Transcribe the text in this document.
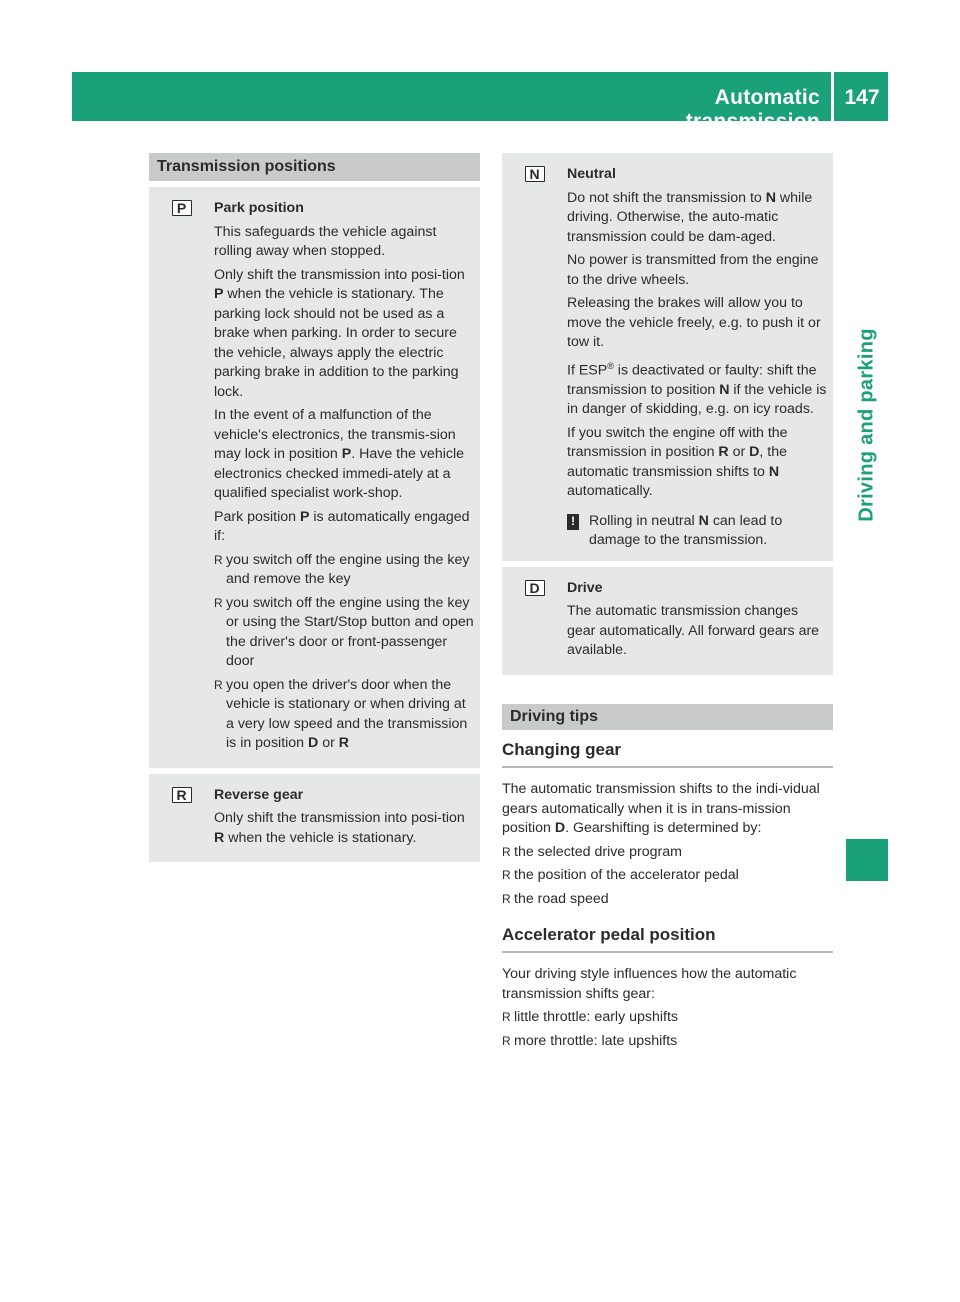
Automatic transmission
147
Driving and parking
Transmission positions
P	Park position
This safeguards the vehicle against rolling away when stopped.
Only shift the transmission into posi-tion P when the vehicle is stationary. The parking lock should not be used as a brake when parking. In order to secure the vehicle, always apply the electric parking brake in addition to the parking lock.
In the event of a malfunction of the vehicle's electronics, the transmis-sion may lock in position P. Have the vehicle electronics checked immedi-ately at a qualified specialist work-shop.
Park position P is automatically engaged if:
R you switch off the engine using the key and remove the key
R you switch off the engine using the key or using the Start/Stop button and open the driver's door or front-passenger door
R you open the driver's door when the vehicle is stationary or when driving at a very low speed and the transmission is in position D or R
R	Reverse gear
Only shift the transmission into posi-tion R when the vehicle is stationary.
N	Neutral
Do not shift the transmission to N while driving. Otherwise, the auto-matic transmission could be dam-aged.
No power is transmitted from the engine to the drive wheels.
Releasing the brakes will allow you to move the vehicle freely, e.g. to push it or tow it.
If ESP® is deactivated or faulty: shift the transmission to position N if the vehicle is in danger of skidding, e.g. on icy roads.
If you switch the engine off with the transmission in position R or D, the automatic transmission shifts to N automatically.
! Rolling in neutral N can lead to damage to the transmission.
D	Drive
The automatic transmission changes gear automatically. All forward gears are available.
Driving tips
Changing gear
The automatic transmission shifts to the indi-vidual gears automatically when it is in trans-mission position D. Gearshifting is determined by:
R the selected drive program
R the position of the accelerator pedal
R the road speed
Accelerator pedal position
Your driving style influences how the automatic transmission shifts gear:
R little throttle: early upshifts
R more throttle: late upshifts
